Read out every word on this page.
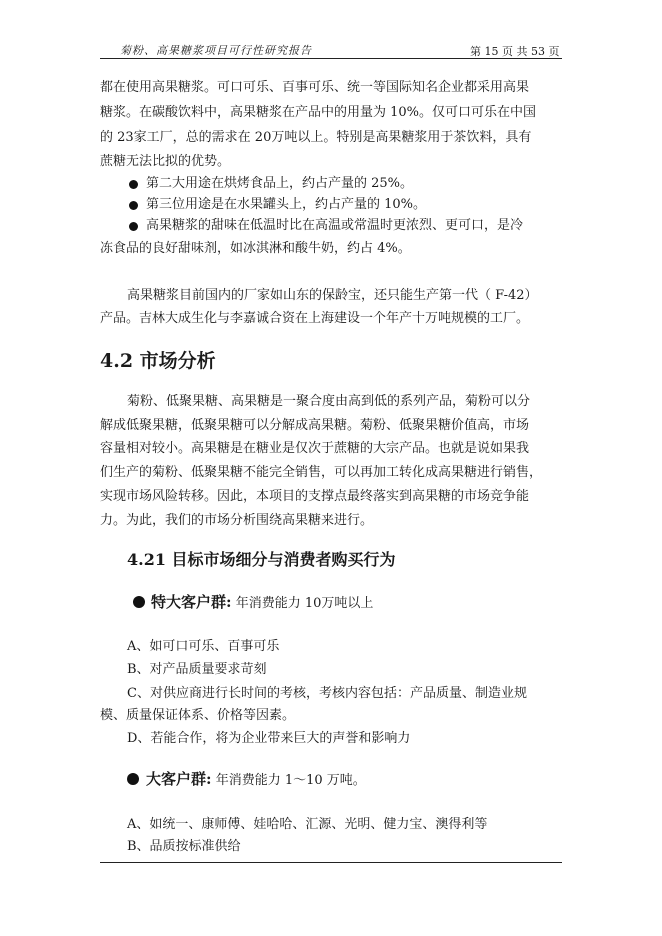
菊粉、高果糖浆项目可行性研究报告	第 15 页 共 53 页
都在使用高果糖浆。可口可乐、百事可乐、统一等国际知名企业都采用高果
糖浆。在碳酸饮料中，高果糖浆在产品中的用量为 10%。仅可口可乐在中国
的 23家工厂，总的需求在 20万吨以上。特别是高果糖浆用于茶饮料，具有
蔗糖无法比拟的优势。
第二大用途在烘烤食品上，约占产量的 25%。
第三位用途是在水果罐头上，约占产量的 10%。
高果糖浆的甜味在低温时比在高温或常温时更浓烈、更可口，是冷
冻食品的良好甜味剂，如冰淇淋和酸牛奶，约占 4%。
高果糖浆目前国内的厂家如山东的保龄宝，还只能生产第一代（ F-42）
产品。吉林大成生化与李嘉诚合资在上海建设一个年产十万吨规模的工厂。
4.2 市场分析
菊粉、低聚果糖、高果糖是一聚合度由高到低的系列产品，菊粉可以分
解成低聚果糖，低聚果糖可以分解成高果糖。菊粉、低聚果糖价值高，市场
容量相对较小。高果糖是在糖业是仅次于蔗糖的大宗产品。也就是说如果我
们生产的菊粉、低聚果糖不能完全销售，可以再加工转化成高果糖进行销售，
实现市场风险转移。因此，本项目的支撑点最终落实到高果糖的市场竞争能
力。为此，我们的市场分析围绕高果糖来进行。
4.21 目标市场细分与消费者购买行为
特大客户群: 年消费能力 10万吨以上
A、如可口可乐、百事可乐
B、对产品质量要求苛刻
C、对供应商进行长时间的考核，考核内容包括：产品质量、制造业规
模、质量保证体系、价格等因素。
D、若能合作，将为企业带来巨大的声誉和影响力
大客户群: 年消费能力 1～10 万吨。
A、如统一、康师傅、娃哈哈、汇源、光明、健力宝、澳得利等
B、品质按标准供给
